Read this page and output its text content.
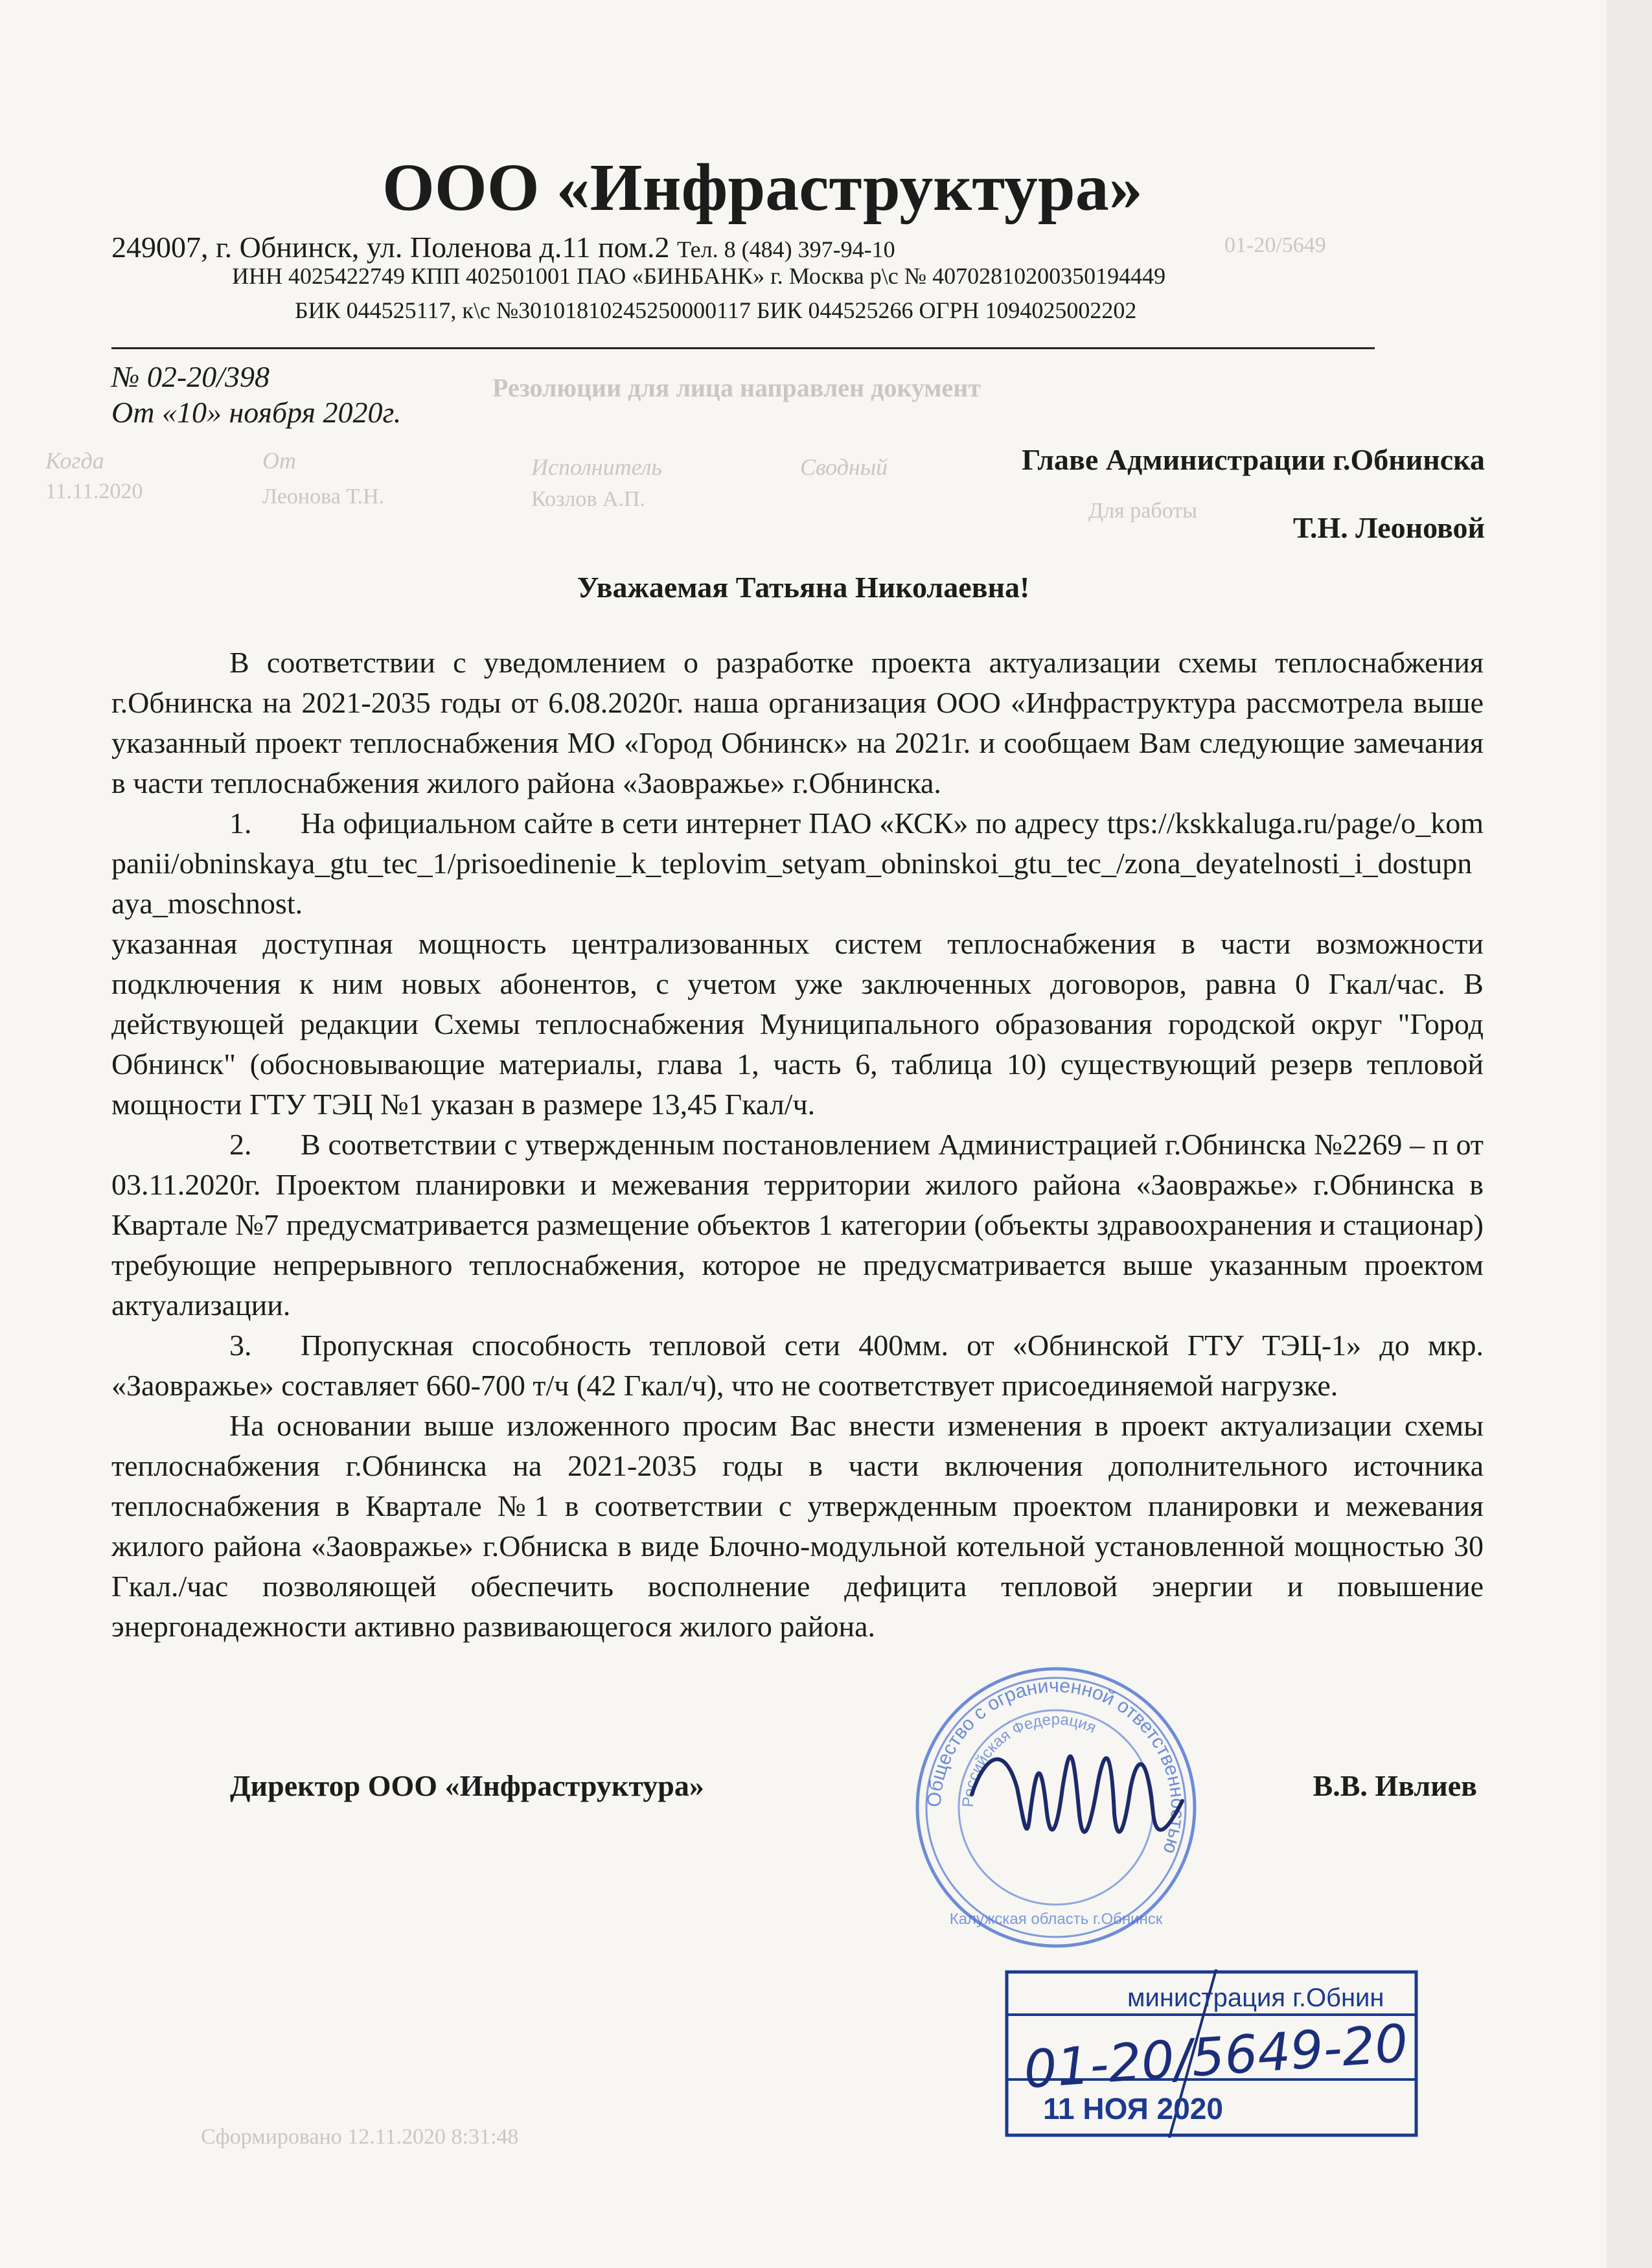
01-20/5649
Резолюции для лица направлен документ
Когда	От	Исполнитель	Сводный
11.11.2020	Леонова Т.Н.	Козлов А.П.	Для работы
Сформировано 12.11.2020 8:31:48
ООО «Инфраструктура»
249007, г. Обнинск, ул. Поленова д.11 пом.2 Тел. 8 (484) 397-94-10
ИНН 4025422749 КПП 402501001 ПАО «БИНБАНК» г. Москва р\с № 40702810200350194449
БИК 044525117, к\с №30101810245250000117 БИК 044525266 ОГРН 1094025002202
№ 02-20/398
От «10» ноября 2020г.
Главе Администрации г.Обнинска
Т.Н. Леоновой
Уважаемая Татьяна Николаевна!

В соответствии с уведомлением о разработке проекта актуализации схемы теплоснабжения г.Обнинска на 2021-2035 годы от 6.08.2020г. наша организация ООО «Инфраструктура рассмотрела выше указанный проект теплоснабжения МО «Город Обнинск» на 2021г. и сообщаем Вам следующие замечания в части теплоснабжения жилого района «Заовражье» г.Обнинска.

1. На официальном сайте в сети интернет ПАО «КСК» по адресу ttps://kskkaluga.ru/page/o_kompanii/obninskaya_gtu_tec_1/prisoedinenie_k_teplovim_setyam_obninskoi_gtu_tec_/zona_deyatelnosti_i_dostupnaya_moschnost.

указанная доступная мощность централизованных систем теплоснабжения в части возможности подключения к ним новых абонентов, с учетом уже заключенных договоров, равна 0 Гкал/час. В действующей редакции Схемы теплоснабжения Муниципального образования городской округ "Город Обнинск" (обосновывающие материалы, глава 1, часть 6, таблица 10) существующий резерв тепловой мощности ГТУ ТЭЦ №1 указан в размере 13,45 Гкал/ч.

2. В соответствии с утвержденным постановлением Администрацией г.Обнинска №2269 – п от 03.11.2020г. Проектом планировки и межевания территории жилого района «Заовражье» г.Обнинска в Квартале №7 предусматривается размещение объектов 1 категории (объекты здравоохранения и стационар) требующие непрерывного теплоснабжения, которое не предусматривается выше указанным проектом актуализации.

3. Пропускная способность тепловой сети 400мм. от «Обнинской ГТУ ТЭЦ-1» до мкр. «Заовражье» составляет 660-700 т/ч (42 Гкал/ч), что не соответствует присоединяемой нагрузке.

На основании выше изложенного просим Вас внести изменения в проект актуализации схемы теплоснабжения г.Обнинска на 2021-2035 годы в части включения дополнительного источника теплоснабжения в Квартале №1 в соответствии с утвержденным проектом планировки и межевания жилого района «Заовражье» г.Обниска в виде Блочно-модульной котельной установленной мощностью 30 Гкал./час позволяющей обеспечить восполнение дефицита тепловой энергии и повышение энергонадежности активно развивающегося жилого района.

Общество с ограниченной ответственностью
Российская Федерация
Калужская область г.Обнинск
Директор ООО «Инфраструктура»	В.В. Ивлиев
министрация г.Обнин
01-20/5649-20
11 НОЯ 2020
